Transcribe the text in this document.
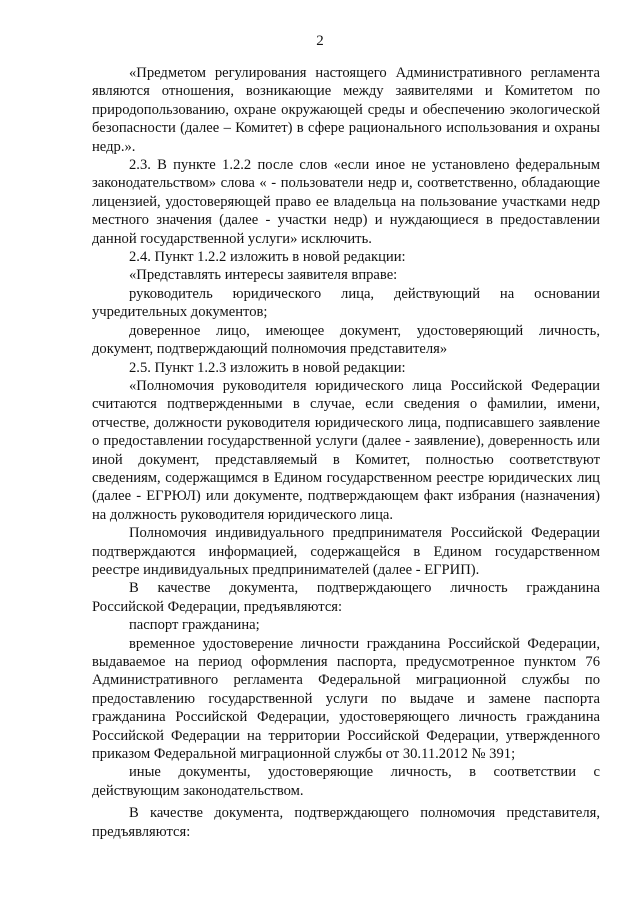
2

«Предметом регулирования настоящего Административного регламента являются отношения, возникающие между заявителями и Комитетом по природопользованию, охране окружающей среды и обеспечению экологической безопасности (далее – Комитет) в сфере рационального использования и охраны недр.».

2.3. В пункте 1.2.2 после слов «если иное не установлено федеральным законодательством» слова « - пользователи недр и, соответственно, обладающие лицензией, удостоверяющей право ее владельца на пользование участками недр местного значения (далее - участки недр) и нуждающиеся в предоставлении данной государственной услуги» исключить.

2.4. Пункт 1.2.2 изложить в новой редакции:

«Представлять интересы заявителя вправе:

руководитель юридического лица, действующий на основании учредительных документов;

доверенное лицо, имеющее документ, удостоверяющий личность, документ, подтверждающий полномочия представителя»

2.5. Пункт 1.2.3 изложить в новой редакции:

«Полномочия руководителя юридического лица Российской Федерации считаются подтвержденными в случае, если сведения о фамилии, имени, отчестве, должности руководителя юридического лица, подписавшего заявление о предоставлении государственной услуги (далее - заявление), доверенность или иной документ, представляемый в Комитет, полностью соответствуют сведениям, содержащимся в Едином государственном реестре юридических лиц (далее - ЕГРЮЛ) или документе, подтверждающем факт избрания (назначения) на должность руководителя юридического лица.

Полномочия индивидуального предпринимателя Российской Федерации подтверждаются информацией, содержащейся в Едином государственном реестре индивидуальных предпринимателей (далее - ЕГРИП).

В качестве документа, подтверждающего личность гражданина Российской Федерации, предъявляются:

паспорт гражданина;

временное удостоверение личности гражданина Российской Федерации, выдаваемое на период оформления паспорта, предусмотренное пунктом 76 Административного регламента Федеральной миграционной службы по предоставлению государственной услуги по выдаче и замене паспорта гражданина Российской Федерации, удостоверяющего личность гражданина Российской Федерации на территории Российской Федерации, утвержденного приказом Федеральной миграционной службы от 30.11.2012 № 391;

иные документы, удостоверяющие личность, в соответствии с действующим законодательством.

В качестве документа, подтверждающего полномочия представителя, предъявляются:
